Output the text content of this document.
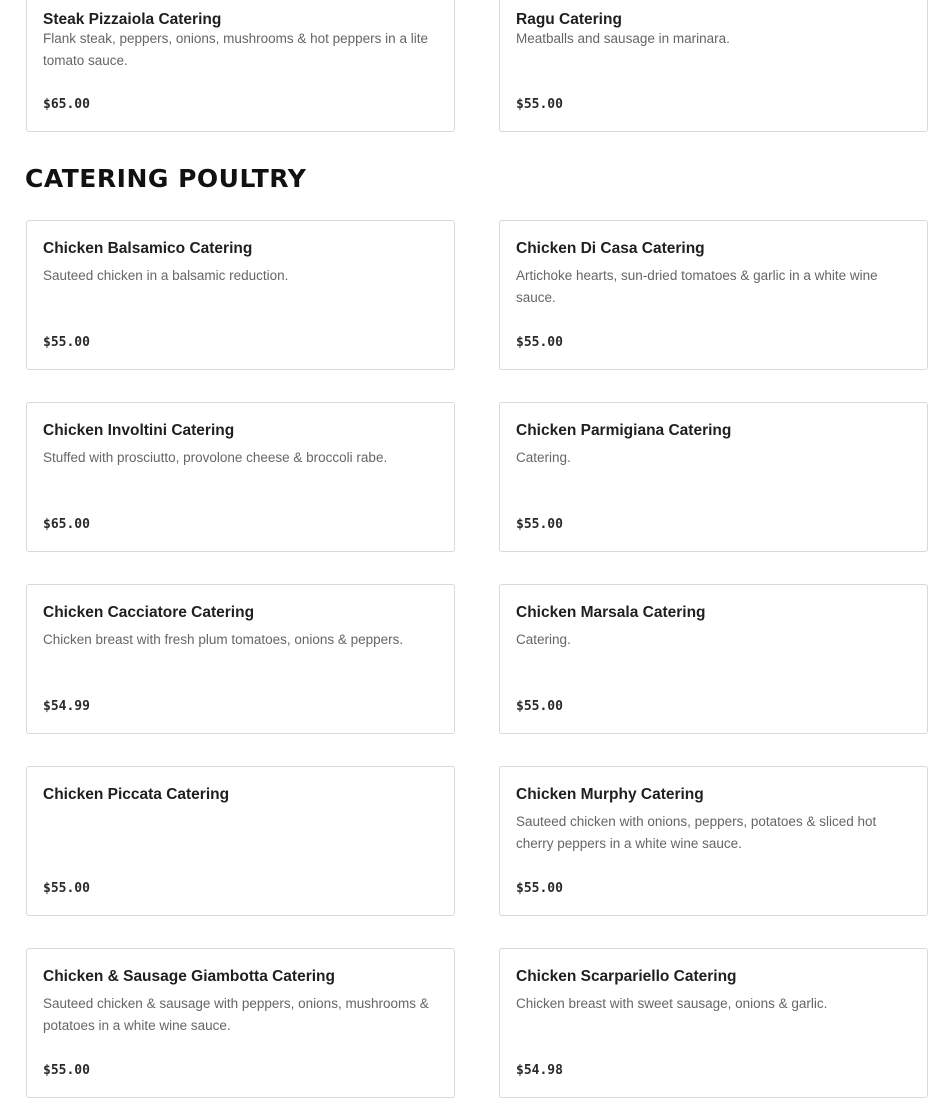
Steak Pizzaiola Catering
Flank steak, peppers, onions, mushrooms & hot peppers in a lite tomato sauce.
$65.00
Ragu Catering
Meatballs and sausage in marinara.
$55.00
CATERING POULTRY
Chicken Balsamico Catering
Sauteed chicken in a balsamic reduction.
$55.00
Chicken Di Casa Catering
Artichoke hearts, sun-dried tomatoes & garlic in a white wine sauce.
$55.00
Chicken Involtini Catering
Stuffed with prosciutto, provolone cheese & broccoli rabe.
$65.00
Chicken Parmigiana Catering
Catering.
$55.00
Chicken Cacciatore Catering
Chicken breast with fresh plum tomatoes, onions & peppers.
$54.99
Chicken Marsala Catering
Catering.
$55.00
Chicken Piccata Catering
$55.00
Chicken Murphy Catering
Sauteed chicken with onions, peppers, potatoes & sliced hot cherry peppers in a white wine sauce.
$55.00
Chicken & Sausage Giambotta Catering
Sauteed chicken & sausage with peppers, onions, mushrooms & potatoes in a white wine sauce.
$55.00
Chicken Scarpariello Catering
Chicken breast with sweet sausage, onions & garlic.
$54.98
